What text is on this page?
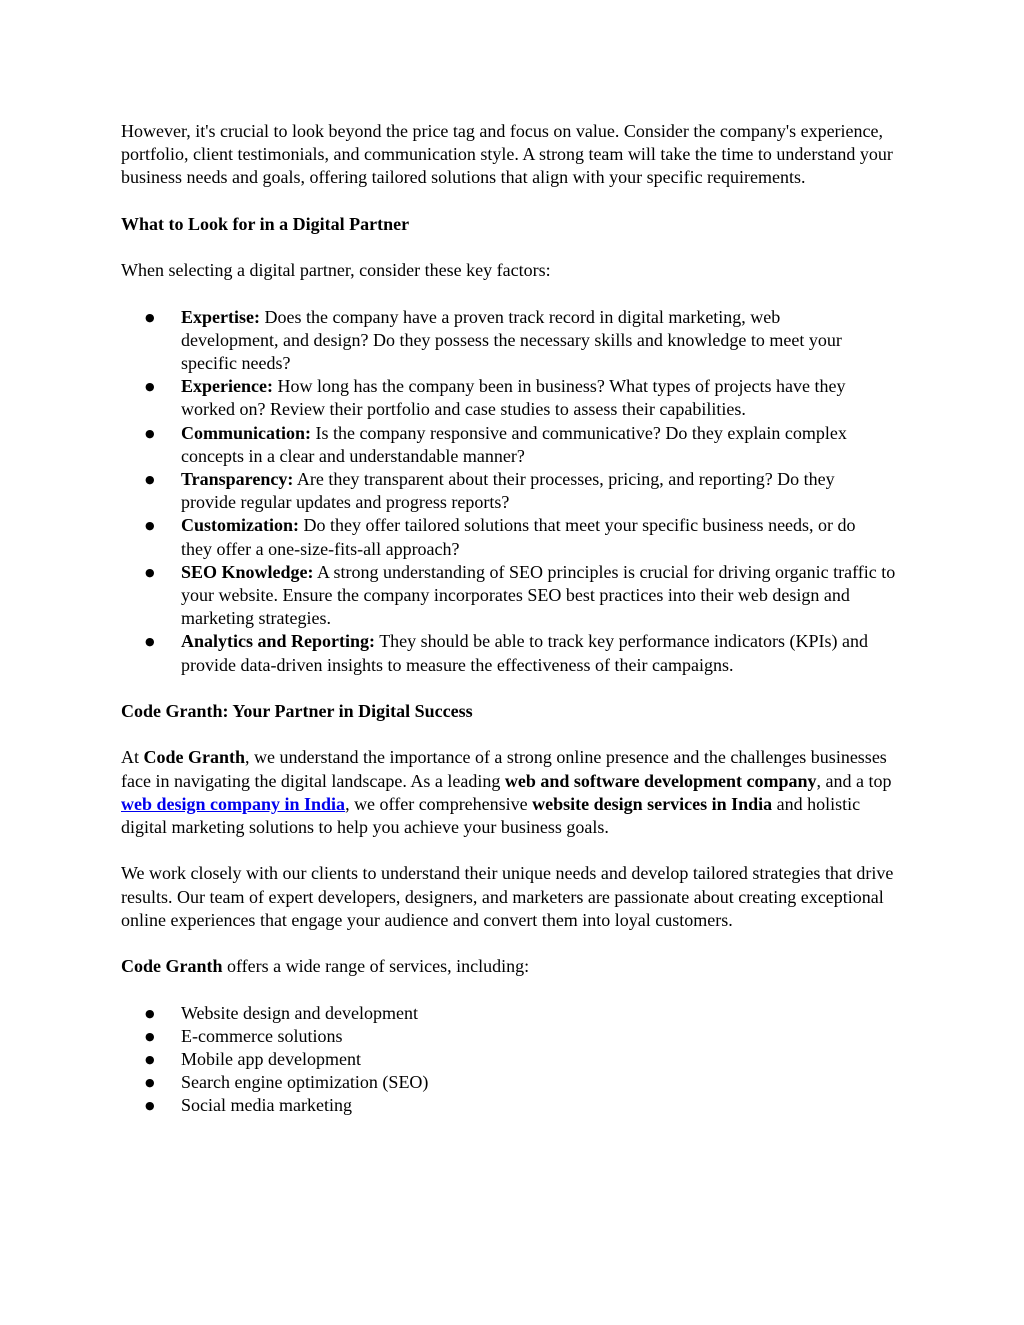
However, it's crucial to look beyond the price tag and focus on value. Consider the company's experience, portfolio, client testimonials, and communication style. A strong team will take the time to understand your business needs and goals, offering tailored solutions that align with your specific requirements.

What to Look for in a Digital Partner

When selecting a digital partner, consider these key factors:

● Expertise: Does the company have a proven track record in digital marketing, web development, and design? Do they possess the necessary skills and knowledge to meet your specific needs?
● Experience: How long has the company been in business? What types of projects have they worked on? Review their portfolio and case studies to assess their capabilities.
● Communication: Is the company responsive and communicative? Do they explain complex concepts in a clear and understandable manner?
● Transparency: Are they transparent about their processes, pricing, and reporting? Do they provide regular updates and progress reports?
● Customization: Do they offer tailored solutions that meet your specific business needs, or do they offer a one-size-fits-all approach?
● SEO Knowledge: A strong understanding of SEO principles is crucial for driving organic traffic to your website. Ensure the company incorporates SEO best practices into their web design and marketing strategies.
● Analytics and Reporting: They should be able to track key performance indicators (KPIs) and provide data-driven insights to measure the effectiveness of their campaigns.
Code Granth: Your Partner in Digital Success

At Code Granth, we understand the importance of a strong online presence and the challenges businesses face in navigating the digital landscape. As a leading web and software development company, and a top web design company in India, we offer comprehensive website design services in India and holistic digital marketing solutions to help you achieve your business goals.

We work closely with our clients to understand their unique needs and develop tailored strategies that drive results. Our team of expert developers, designers, and marketers are passionate about creating exceptional online experiences that engage your audience and convert them into loyal customers.

Code Granth offers a wide range of services, including:

● Website design and development
● E-commerce solutions
● Mobile app development
● Search engine optimization (SEO)
● Social media marketing
